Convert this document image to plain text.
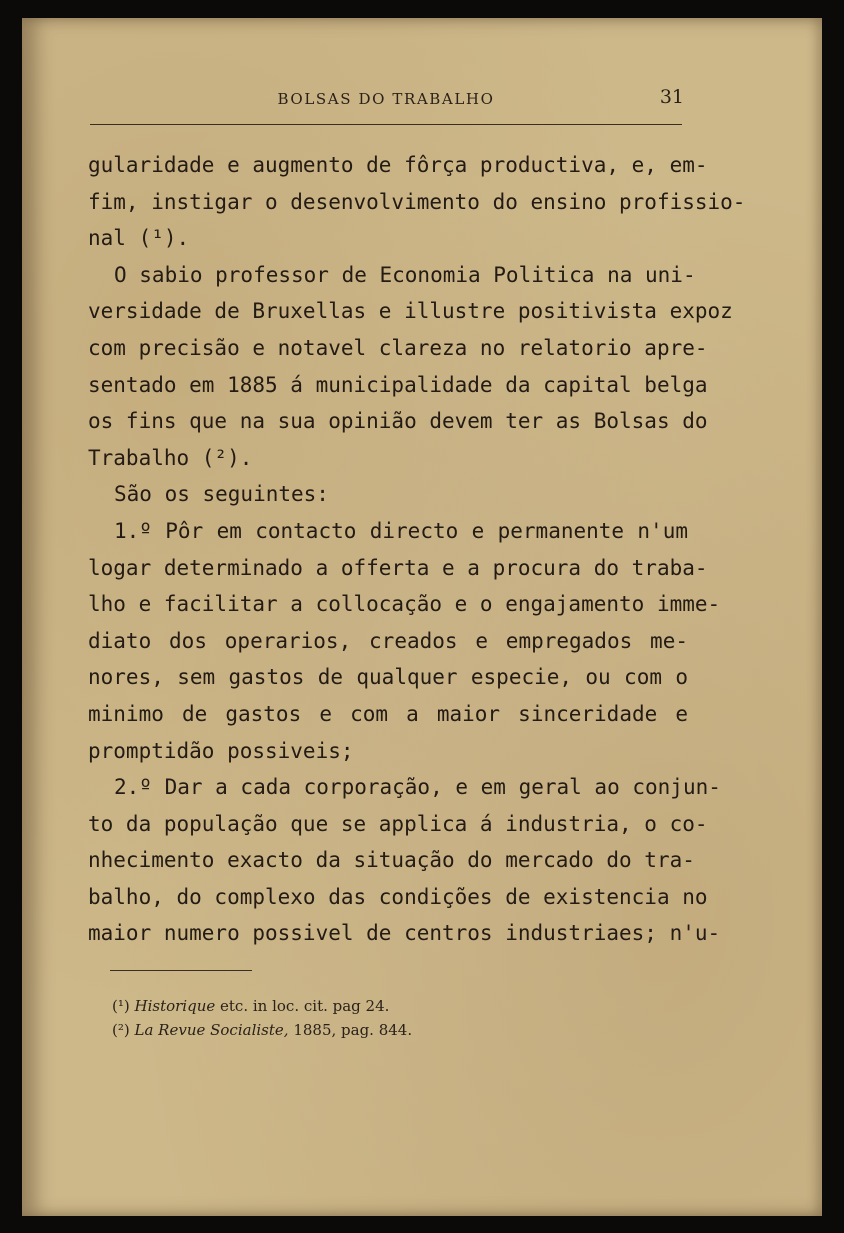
BOLSAS DO TRABALHO	31
gularidade e augmento de fôrça productiva, e, em-
fim, instigar o desenvolvimento do ensino profissio-
nal (¹).
O sabio professor de Economia Politica na uni-
versidade de Bruxellas e illustre positivista expoz
com precisão e notavel clareza no relatorio apre-
sentado em 1885 á municipalidade da capital belga
os fins que na sua opinião devem ter as Bolsas do
Trabalho (²).
São os seguintes:
1.º Pôr em contacto directo e permanente n'um
logar determinado a offerta e a procura do traba-
lho e facilitar a collocação e o engajamento imme-
diato dos operarios, creados e empregados me-
nores, sem gastos de qualquer especie, ou com o
minimo de gastos e com a maior sinceridade e
promptidão possiveis;
2.º Dar a cada corporação, e em geral ao conjun-
to da população que se applica á industria, o co-
nhecimento exacto da situação do mercado do tra-
balho, do complexo das condições de existencia no
maior numero possivel de centros industriaes; n'u-
(¹) Historique etc. in loc. cit. pag 24.
(²) La Revue Socialiste, 1885, pag. 844.
